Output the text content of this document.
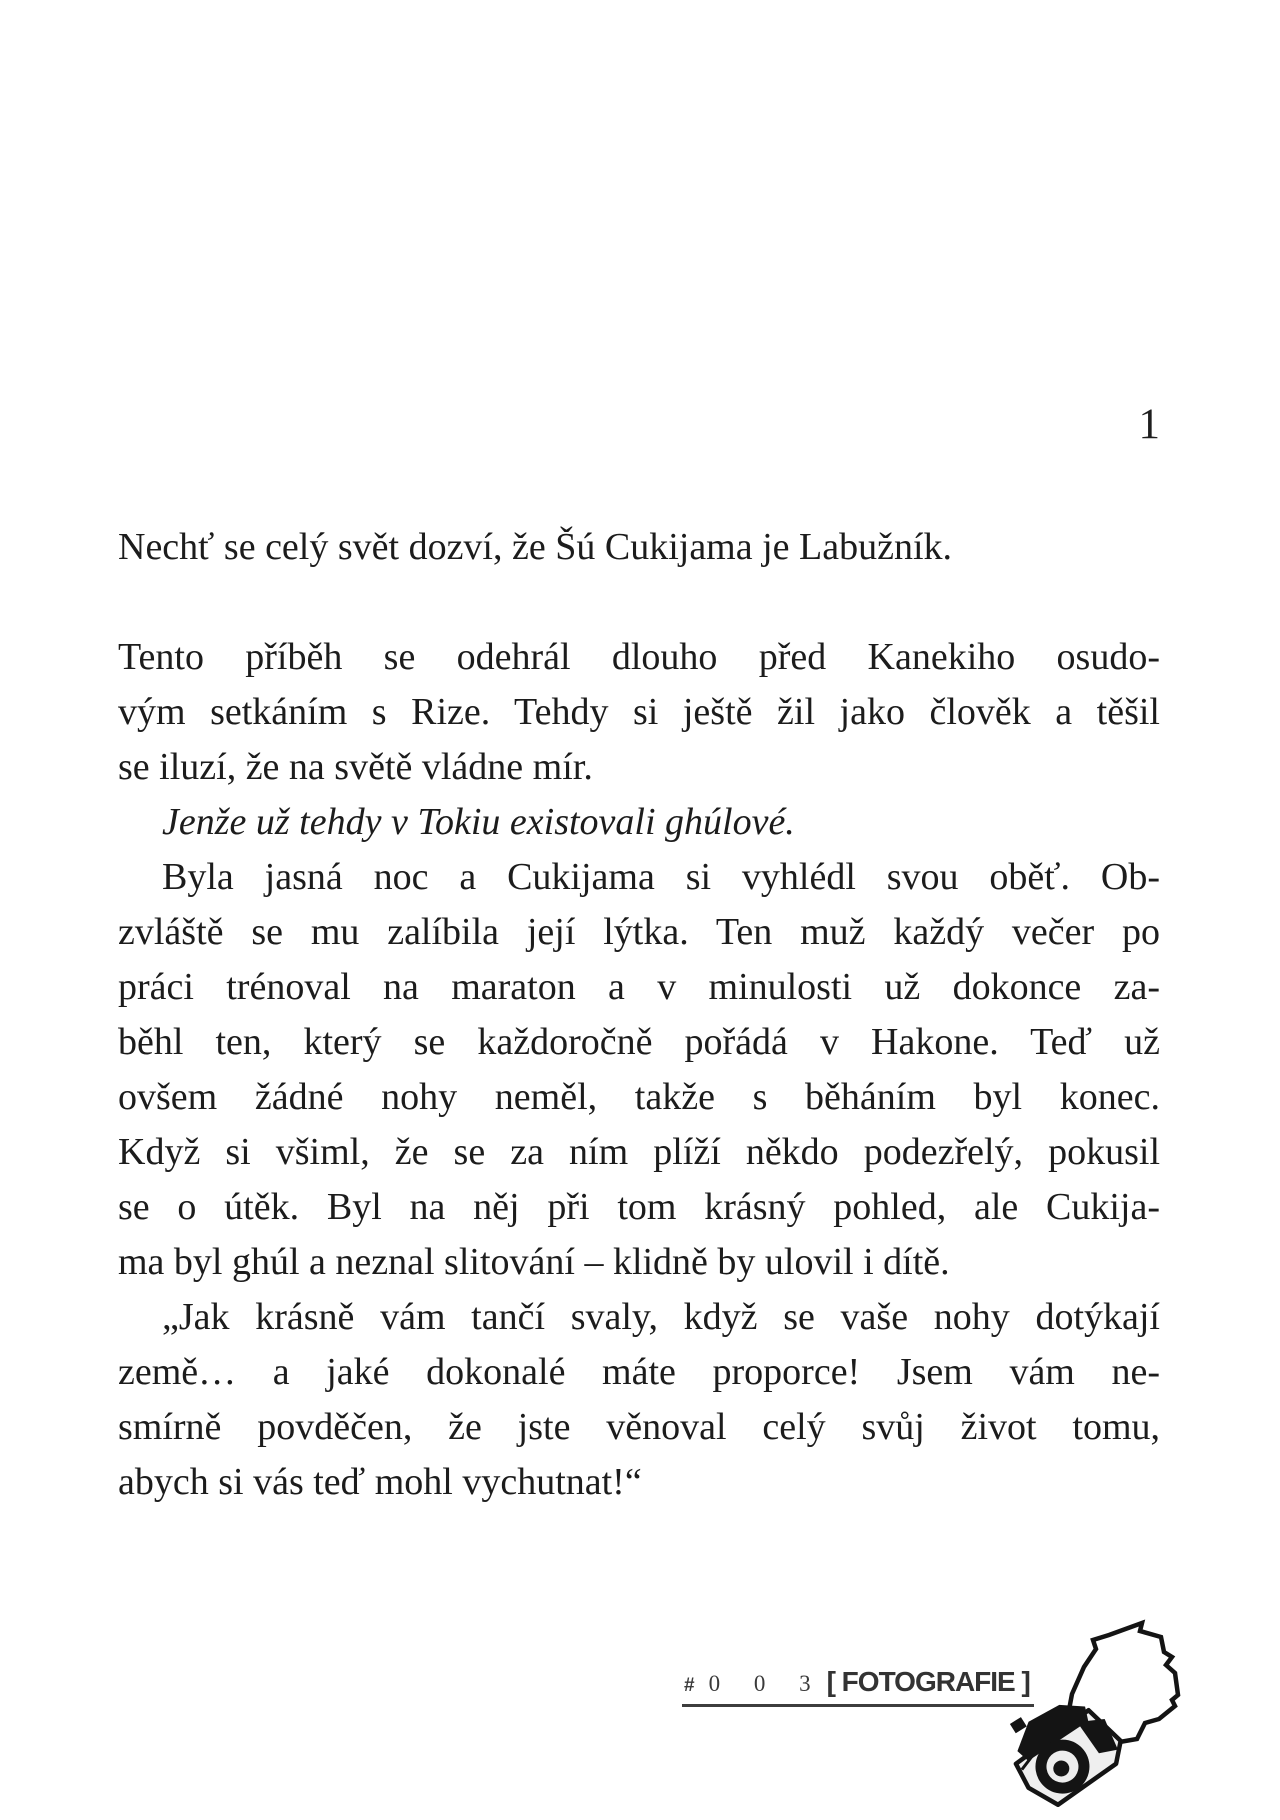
1
Nechť se celý svět dozví, že Šú Cukijama je Labužník.
Tento příběh se odehrál dlouho před Kanekiho osudo-
vým setkáním s Rize. Tehdy si ještě žil jako člověk a těšil
se iluzí, že na světě vládne mír.
Jenže už tehdy v Tokiu existovali ghúlové.
Byla jasná noc a Cukijama si vyhlédl svou oběť. Ob-
zvláště se mu zalíbila její lýtka. Ten muž každý večer po
práci trénoval na maraton a v minulosti už dokonce za-
běhl ten, který se každoročně pořádá v Hakone. Teď už
ovšem žádné nohy neměl, takže s běháním byl konec.
Když si všiml, že se za ním plíží někdo podezřelý, pokusil
se o útěk. Byl na něj při tom krásný pohled, ale Cukija-
ma byl ghúl a neznal slitování – klidně by ulovil i dítě.
„Jak krásně vám tančí svaly, když se vaše nohy dotýkají
země… a jaké dokonalé máte proporce! Jsem vám ne-
smírně povděčen, že jste věnoval celý svůj život tomu,
abych si vás teď mohl vychutnat!“
# 0 0 3 [ FOTOGRAFIE ]
